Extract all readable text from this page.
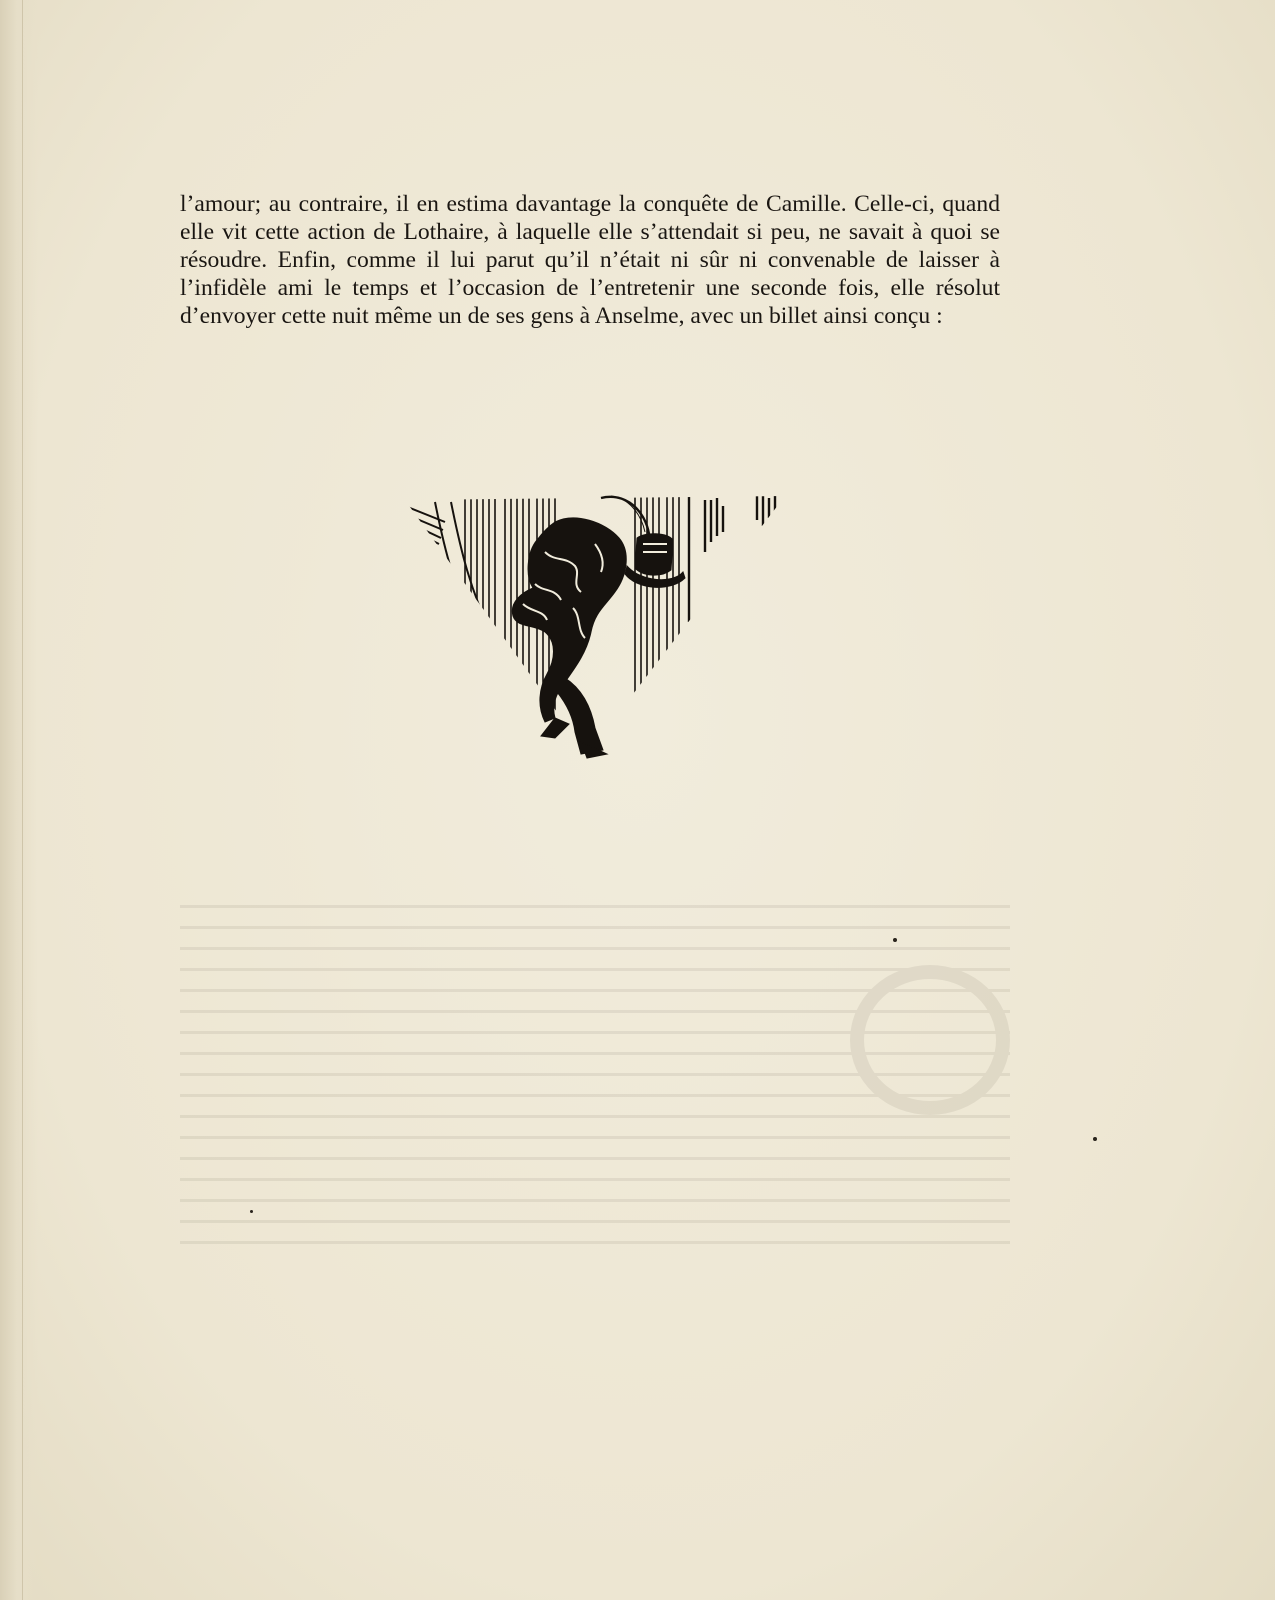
l’amour; au contraire, il en estima davantage la conquête de Camille. Celle-ci, quand elle vit cette action de Lothaire, à laquelle elle s’attendait si peu, ne savait à quoi se résoudre. Enfin, comme il lui parut qu’il n’était ni sûr ni convenable de laisser à l’infidèle ami le temps et l’occasion de l’entretenir une seconde fois, elle résolut d’envoyer cette nuit même un de ses gens à Anselme, avec un billet ainsi conçu :
